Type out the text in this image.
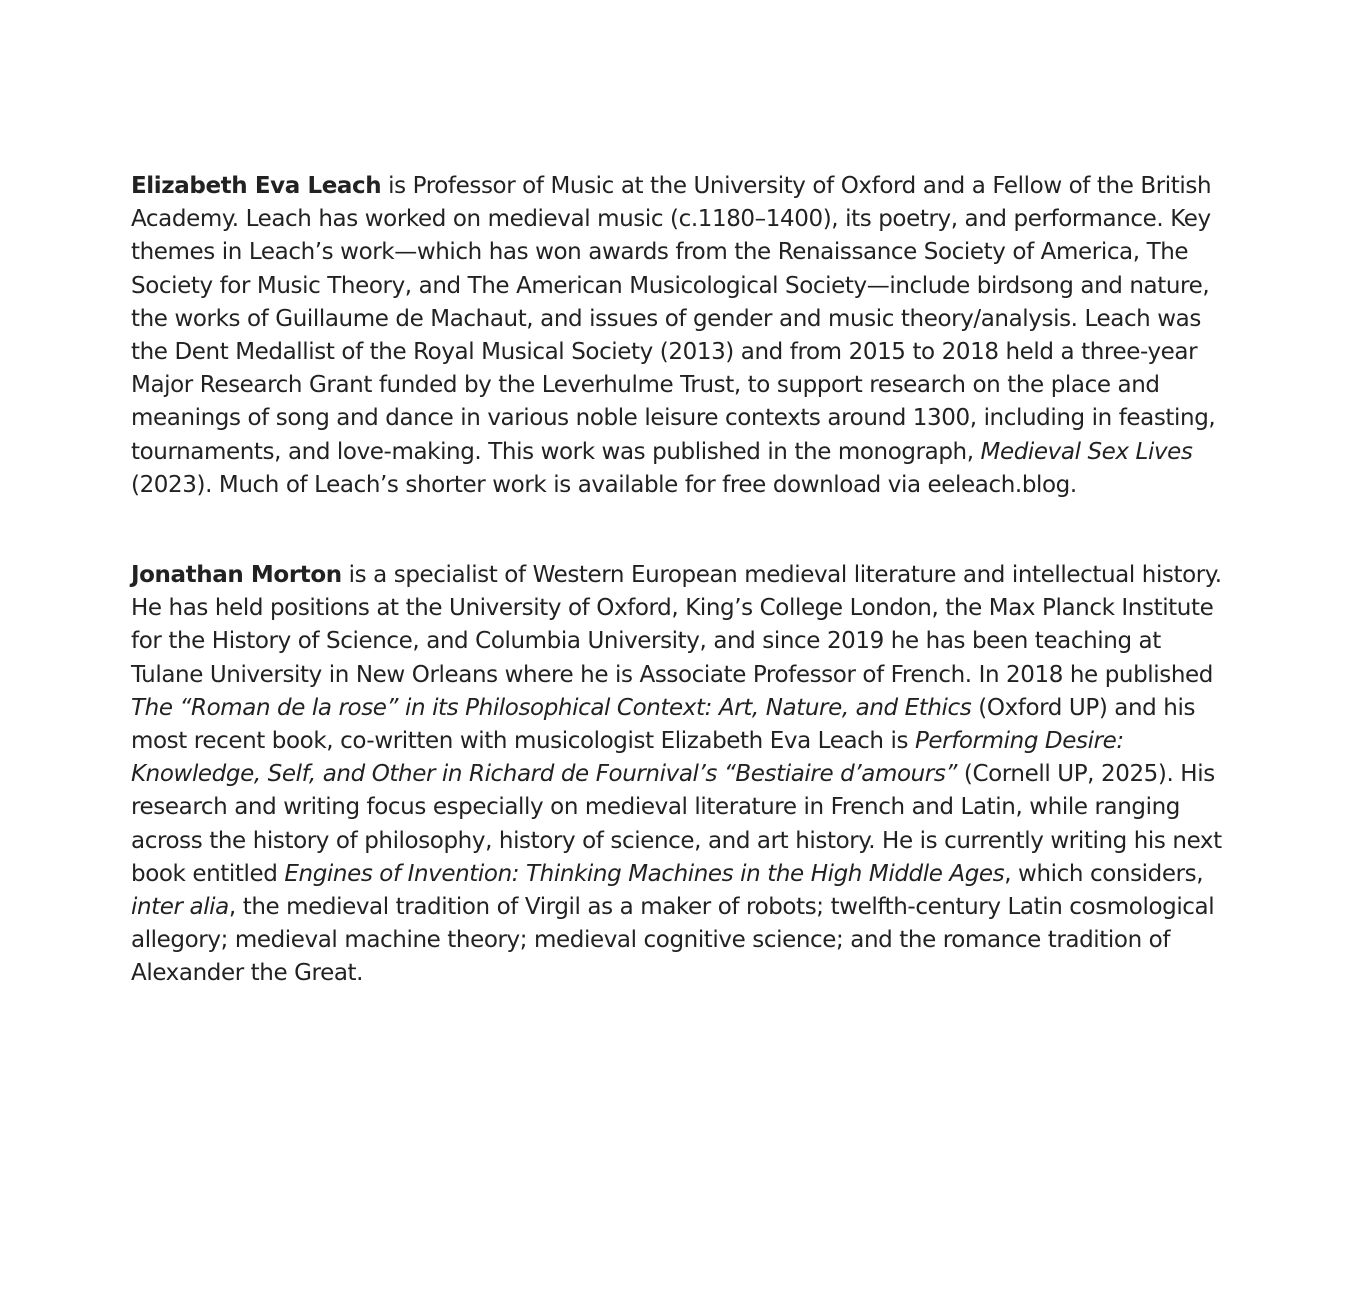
Elizabeth Eva Leach is Professor of Music at the University of Oxford and a Fellow of the British Academy. Leach has worked on medieval music (c.1180–1400), its poetry, and performance. Key themes in Leach’s work—which has won awards from the Renaissance Society of America, The Society for Music Theory, and The American Musicological Society—include birdsong and nature, the works of Guillaume de Machaut, and issues of gender and music theory/analysis. Leach was the Dent Medallist of the Royal Musical Society (2013) and from 2015 to 2018 held a three-year Major Research Grant funded by the Leverhulme Trust, to support research on the place and meanings of song and dance in various noble leisure contexts around 1300, including in feasting, tournaments, and love-making. This work was published in the monograph, Medieval Sex Lives (2023). Much of Leach’s shorter work is available for free download via eeleach.blog.

Jonathan Morton is a specialist of Western European medieval literature and intellectual history. He has held positions at the University of Oxford, King’s College London, the Max Planck Institute for the History of Science, and Columbia University, and since 2019 he has been teaching at Tulane University in New Orleans where he is Associate Professor of French. In 2018 he published The “Roman de la rose” in its Philosophical Context: Art, Nature, and Ethics (Oxford UP) and his most recent book, co-written with musicologist Elizabeth Eva Leach is Performing Desire: Knowledge, Self, and Other in Richard de Fournival’s “Bestiaire d’amours” (Cornell UP, 2025). His research and writing focus especially on medieval literature in French and Latin, while ranging across the history of philosophy, history of science, and art history. He is currently writing his next book entitled Engines of Invention: Thinking Machines in the High Middle Ages, which considers, inter alia, the medieval tradition of Virgil as a maker of robots; twelfth-century Latin cosmological allegory; medieval machine theory; medieval cognitive science; and the romance tradition of Alexander the Great.
